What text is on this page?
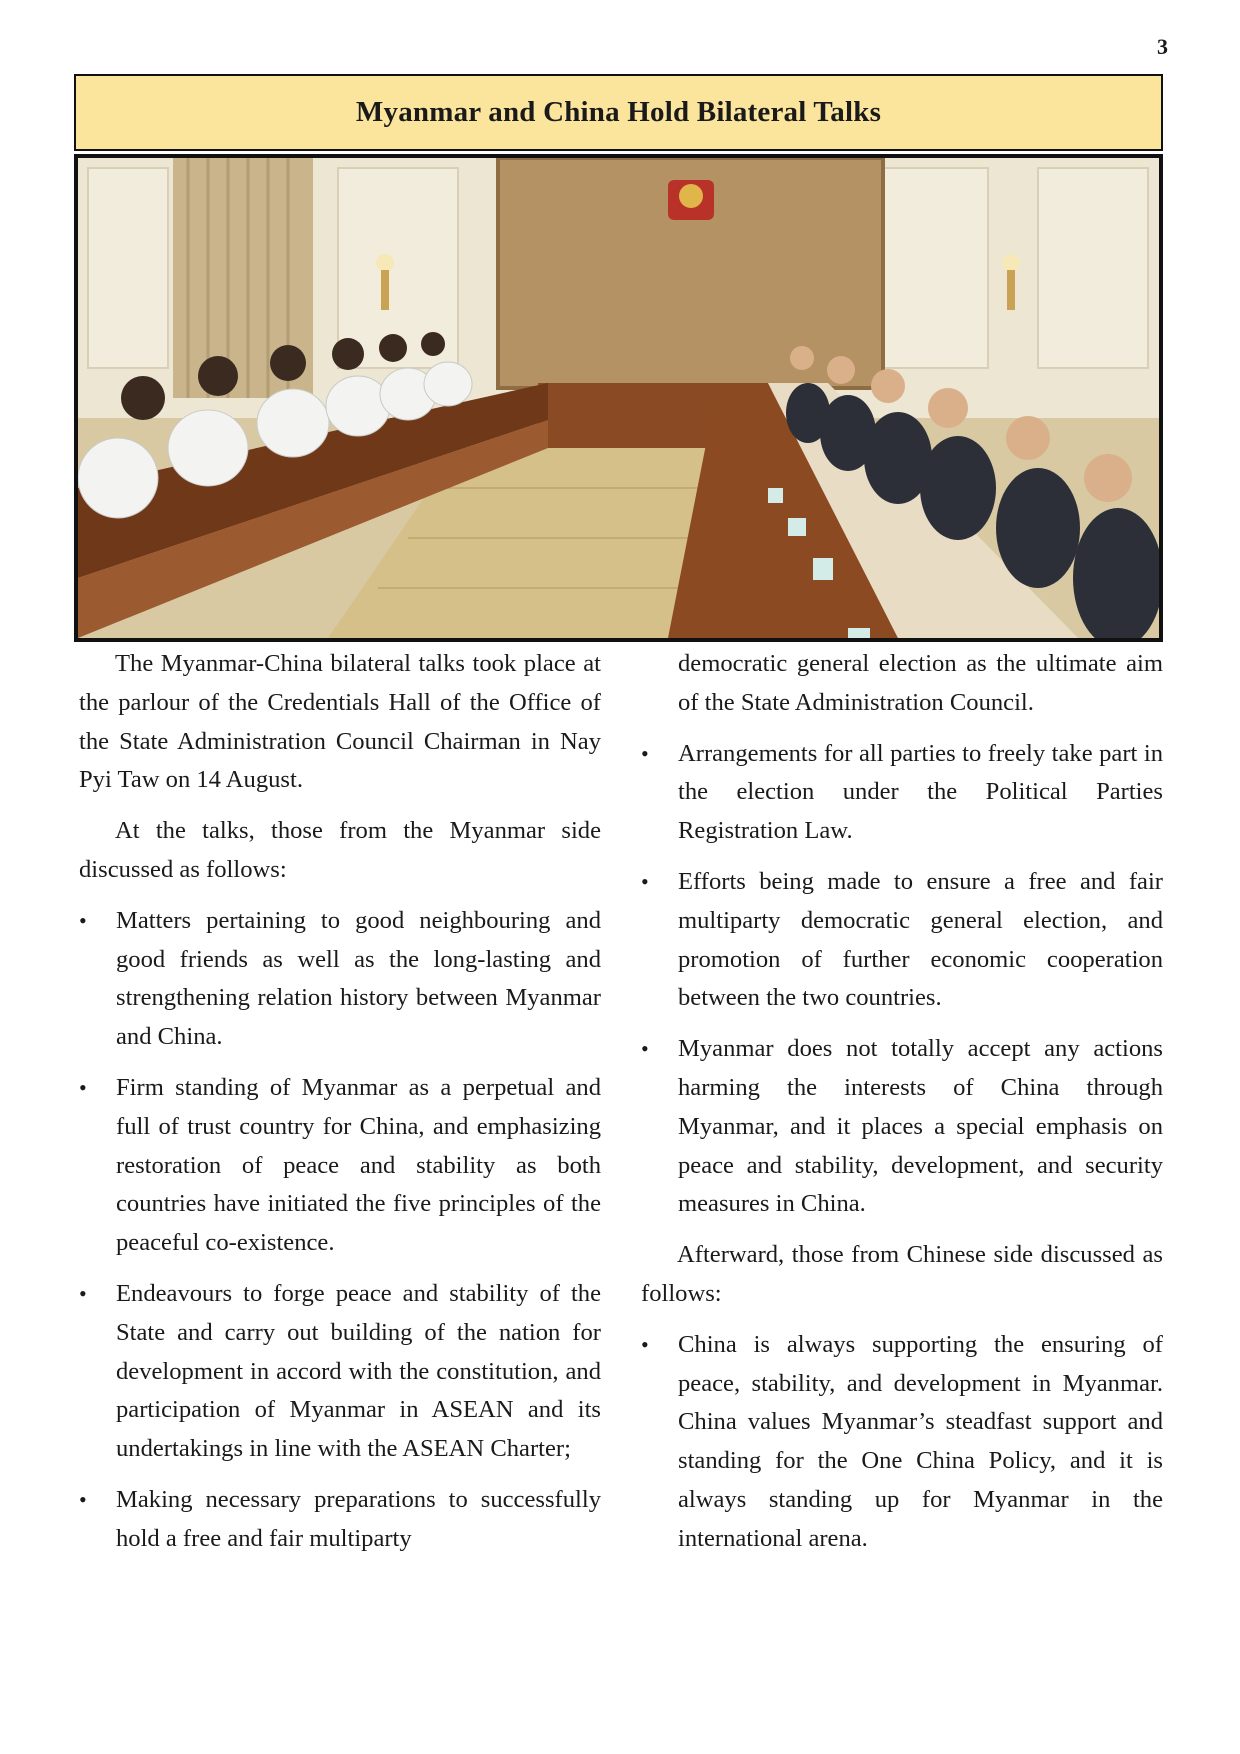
3
Myanmar and China Hold Bilateral Talks

The Myanmar-China bilateral talks took place at the parlour of the Credentials Hall of the Office of the State Administration Council Chairman in Nay Pyi Taw on 14 August.

At the talks, those from the Myanmar side discussed as follows:

•	Matters pertaining to good neighbouring and good friends as well as the long-lasting and strengthening relation history between Myanmar and China.
•	Firm standing of Myanmar as a perpetual and full of trust country for China, and emphasizing restoration of peace and stability as both countries have initiated the five principles of the peaceful co-existence.
•	Endeavours to forge peace and stability of the State and carry out building of the nation for development in accord with the constitution, and participation of Myanmar in ASEAN and its undertakings in line with the ASEAN Charter;
•	Making necessary preparations to successfully hold a free and fair multiparty
democratic general election as the ultimate aim of the State Administration Council.
•	Arrangements for all parties to freely take part in the election under the Political Parties Registration Law.
•	Efforts being made to ensure a free and fair multiparty democratic general election, and promotion of further economic cooperation between the two countries.
•	Myanmar does not totally accept any actions harming the interests of China through Myanmar, and it places a special emphasis on peace and stability, development, and security measures in China.

Afterward, those from Chinese side discussed as follows:

•	China is always supporting the ensuring of peace, stability, and development in Myanmar. China values Myanmar’s steadfast support and standing for the One China Policy, and it is always standing up for Myanmar in the international arena.
